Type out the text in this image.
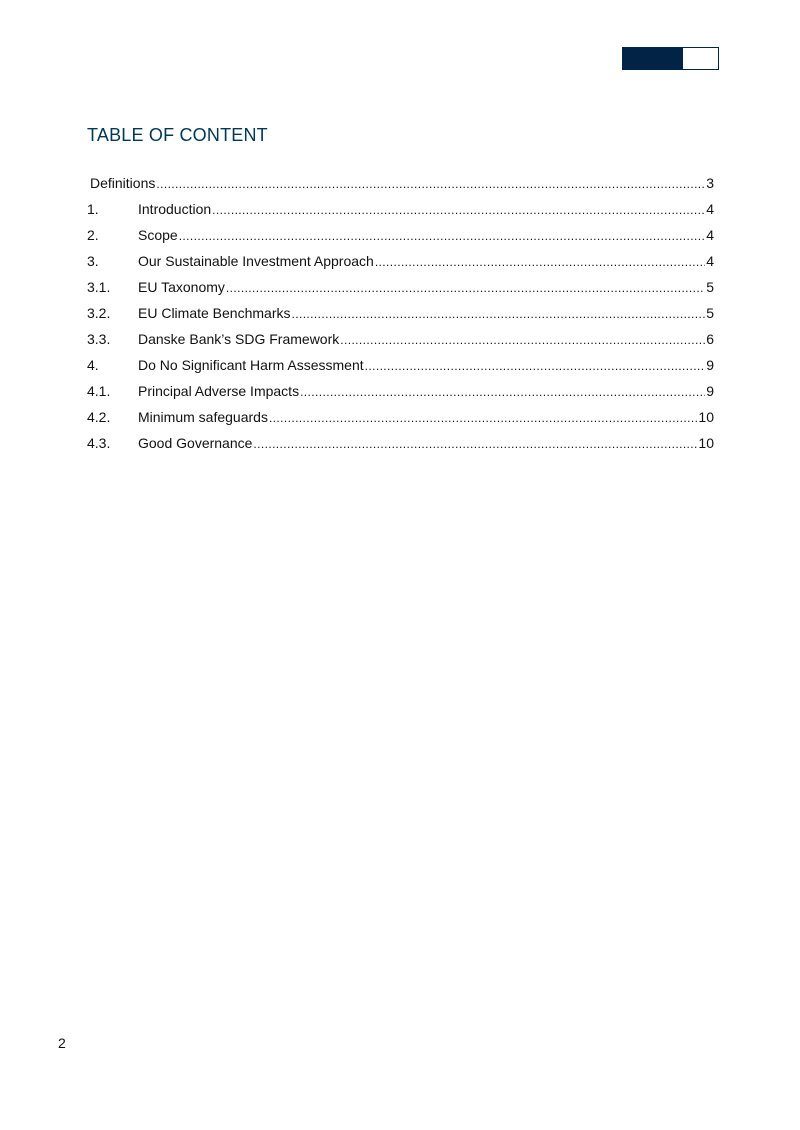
TABLE OF CONTENT
Definitions .....	3
1.	Introduction .....	4
2.	Scope .....	4
3.	Our Sustainable Investment Approach .....	4
3.1.	EU Taxonomy .....	5
3.2.	EU Climate Benchmarks .....	5
3.3.	Danske Bank’s SDG Framework .....	6
4.	Do No Significant Harm Assessment .....	9
4.1.	Principal Adverse Impacts .....	9
4.2.	Minimum safeguards .....	10
4.3.	Good Governance .....	10
2
